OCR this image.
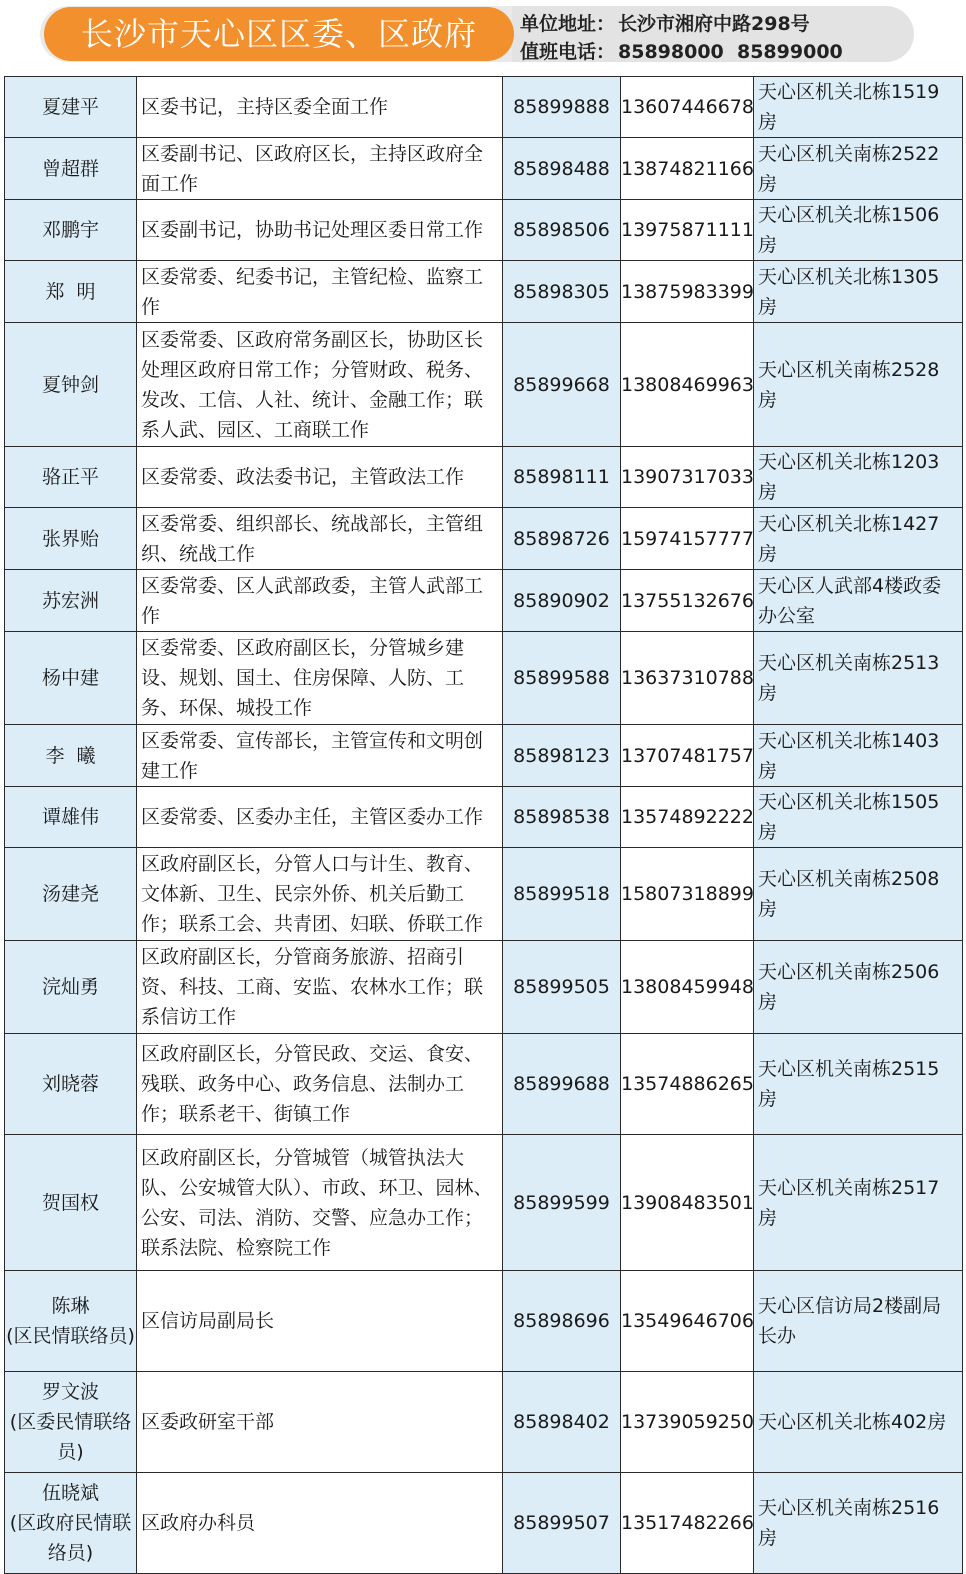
长沙市天心区区委、区政府	单位地址： 长沙市湘府中路298号
值班电话： 85898000  85899000
夏建平	区委书记，主持区委全面工作	85899888	13607446678	天心区机关北栋1519房

曾超群	区委副书记、区政府区长，主持区政府全面工作	85898488	13874821166	天心区机关南栋2522房

邓鹏宇	区委副书记，协助书记处理区委日常工作	85898506	13975871111	天心区机关北栋1506房

郑  明	区委常委、纪委书记，主管纪检、监察工作	85898305	13875983399	天心区机关北栋1305房

夏钟剑	区委常委、区政府常务副区长，协助区长处理区政府日常工作；分管财政、税务、发改、工信、人社、统计、金融工作；联系人武、园区、工商联工作	85899668	13808469963	天心区机关南栋2528房

骆正平	区委常委、政法委书记，主管政法工作	85898111	13907317033	天心区机关北栋1203房

张界贻	区委常委、组织部长、统战部长，主管组织、统战工作	85898726	15974157777	天心区机关北栋1427房

苏宏洲	区委常委、区人武部政委，主管人武部工作	85890902	13755132676	天心区人武部4楼政委办公室

杨中建	区委常委、区政府副区长，分管城乡建设、规划、国土、住房保障、人防、工务、环保、城投工作	85899588	13637310788	天心区机关南栋2513房

李  曦	区委常委、宣传部长，主管宣传和文明创建工作	85898123	13707481757	天心区机关北栋1403房

谭雄伟	区委常委、区委办主任，主管区委办工作	85898538	13574892222	天心区机关北栋1505房

汤建尧	区政府副区长，分管人口与计生、教育、文体新、卫生、民宗外侨、机关后勤工作；联系工会、共青团、妇联、侨联工作	85899518	15807318899	天心区机关南栋2508房

浣灿勇	区政府副区长，分管商务旅游、招商引资、科技、工商、安监、农林水工作；联系信访工作	85899505	13808459948	天心区机关南栋2506房

刘晓蓉	区政府副区长，分管民政、交运、食安、残联、政务中心、政务信息、法制办工作；联系老干、街镇工作	85899688	13574886265	天心区机关南栋2515房

贺国权	区政府副区长，分管城管（城管执法大队、公安城管大队）、市政、环卫、园林、公安、司法、消防、交警、应急办工作；联系法院、检察院工作	85899599	13908483501	天心区机关南栋2517房

陈琳
(区民情联络员)	区信访局副局长	85898696	13549646706	天心区信访局2楼副局长办

罗文波
(区委民情联络员)	区委政研室干部	85898402	13739059250	天心区机关北栋402房

伍晓斌
(区政府民情联络员)	区政府办科员	85899507	13517482266	天心区机关南栋2516房
